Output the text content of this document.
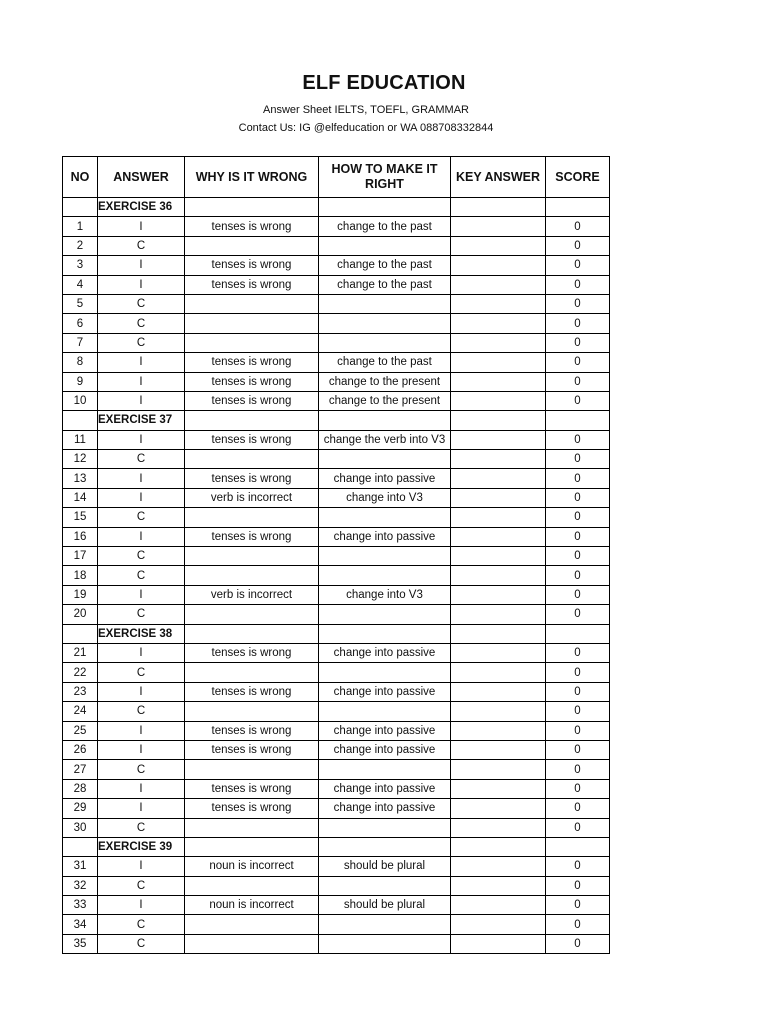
ELF EDUCATION
Answer Sheet IELTS, TOEFL, GRAMMAR
Contact Us: IG @elfeducation or WA 088708332844
NO	ANSWER	WHY IS IT WRONG	HOW TO MAKE IT RIGHT	KEY ANSWER	SCORE
	EXERCISE 36				
1	I	tenses is wrong	change to the past		0
2	C				0
3	I	tenses is wrong	change to the past		0
4	I	tenses is wrong	change to the past		0
5	C				0
6	C				0
7	C				0
8	I	tenses is wrong	change to the past		0
9	I	tenses is wrong	change to the present		0
10	I	tenses is wrong	change to the present		0
	EXERCISE 37				
11	I	tenses is wrong	change the verb into V3		0
12	C				0
13	I	tenses is wrong	change into passive		0
14	I	verb is incorrect	change into V3		0
15	C				0
16	I	tenses is wrong	change into passive		0
17	C				0
18	C				0
19	I	verb is incorrect	change into V3		0
20	C				0
	EXERCISE 38				
21	I	tenses is wrong	change into passive		0
22	C				0
23	I	tenses is wrong	change into passive		0
24	C				0
25	I	tenses is wrong	change into passive		0
26	I	tenses is wrong	change into passive		0
27	C				0
28	I	tenses is wrong	change into passive		0
29	I	tenses is wrong	change into passive		0
30	C				0
	EXERCISE 39				
31	I	noun is incorrect	should be plural		0
32	C				0
33	I	noun is incorrect	should be plural		0
34	C				0
35	C				0
